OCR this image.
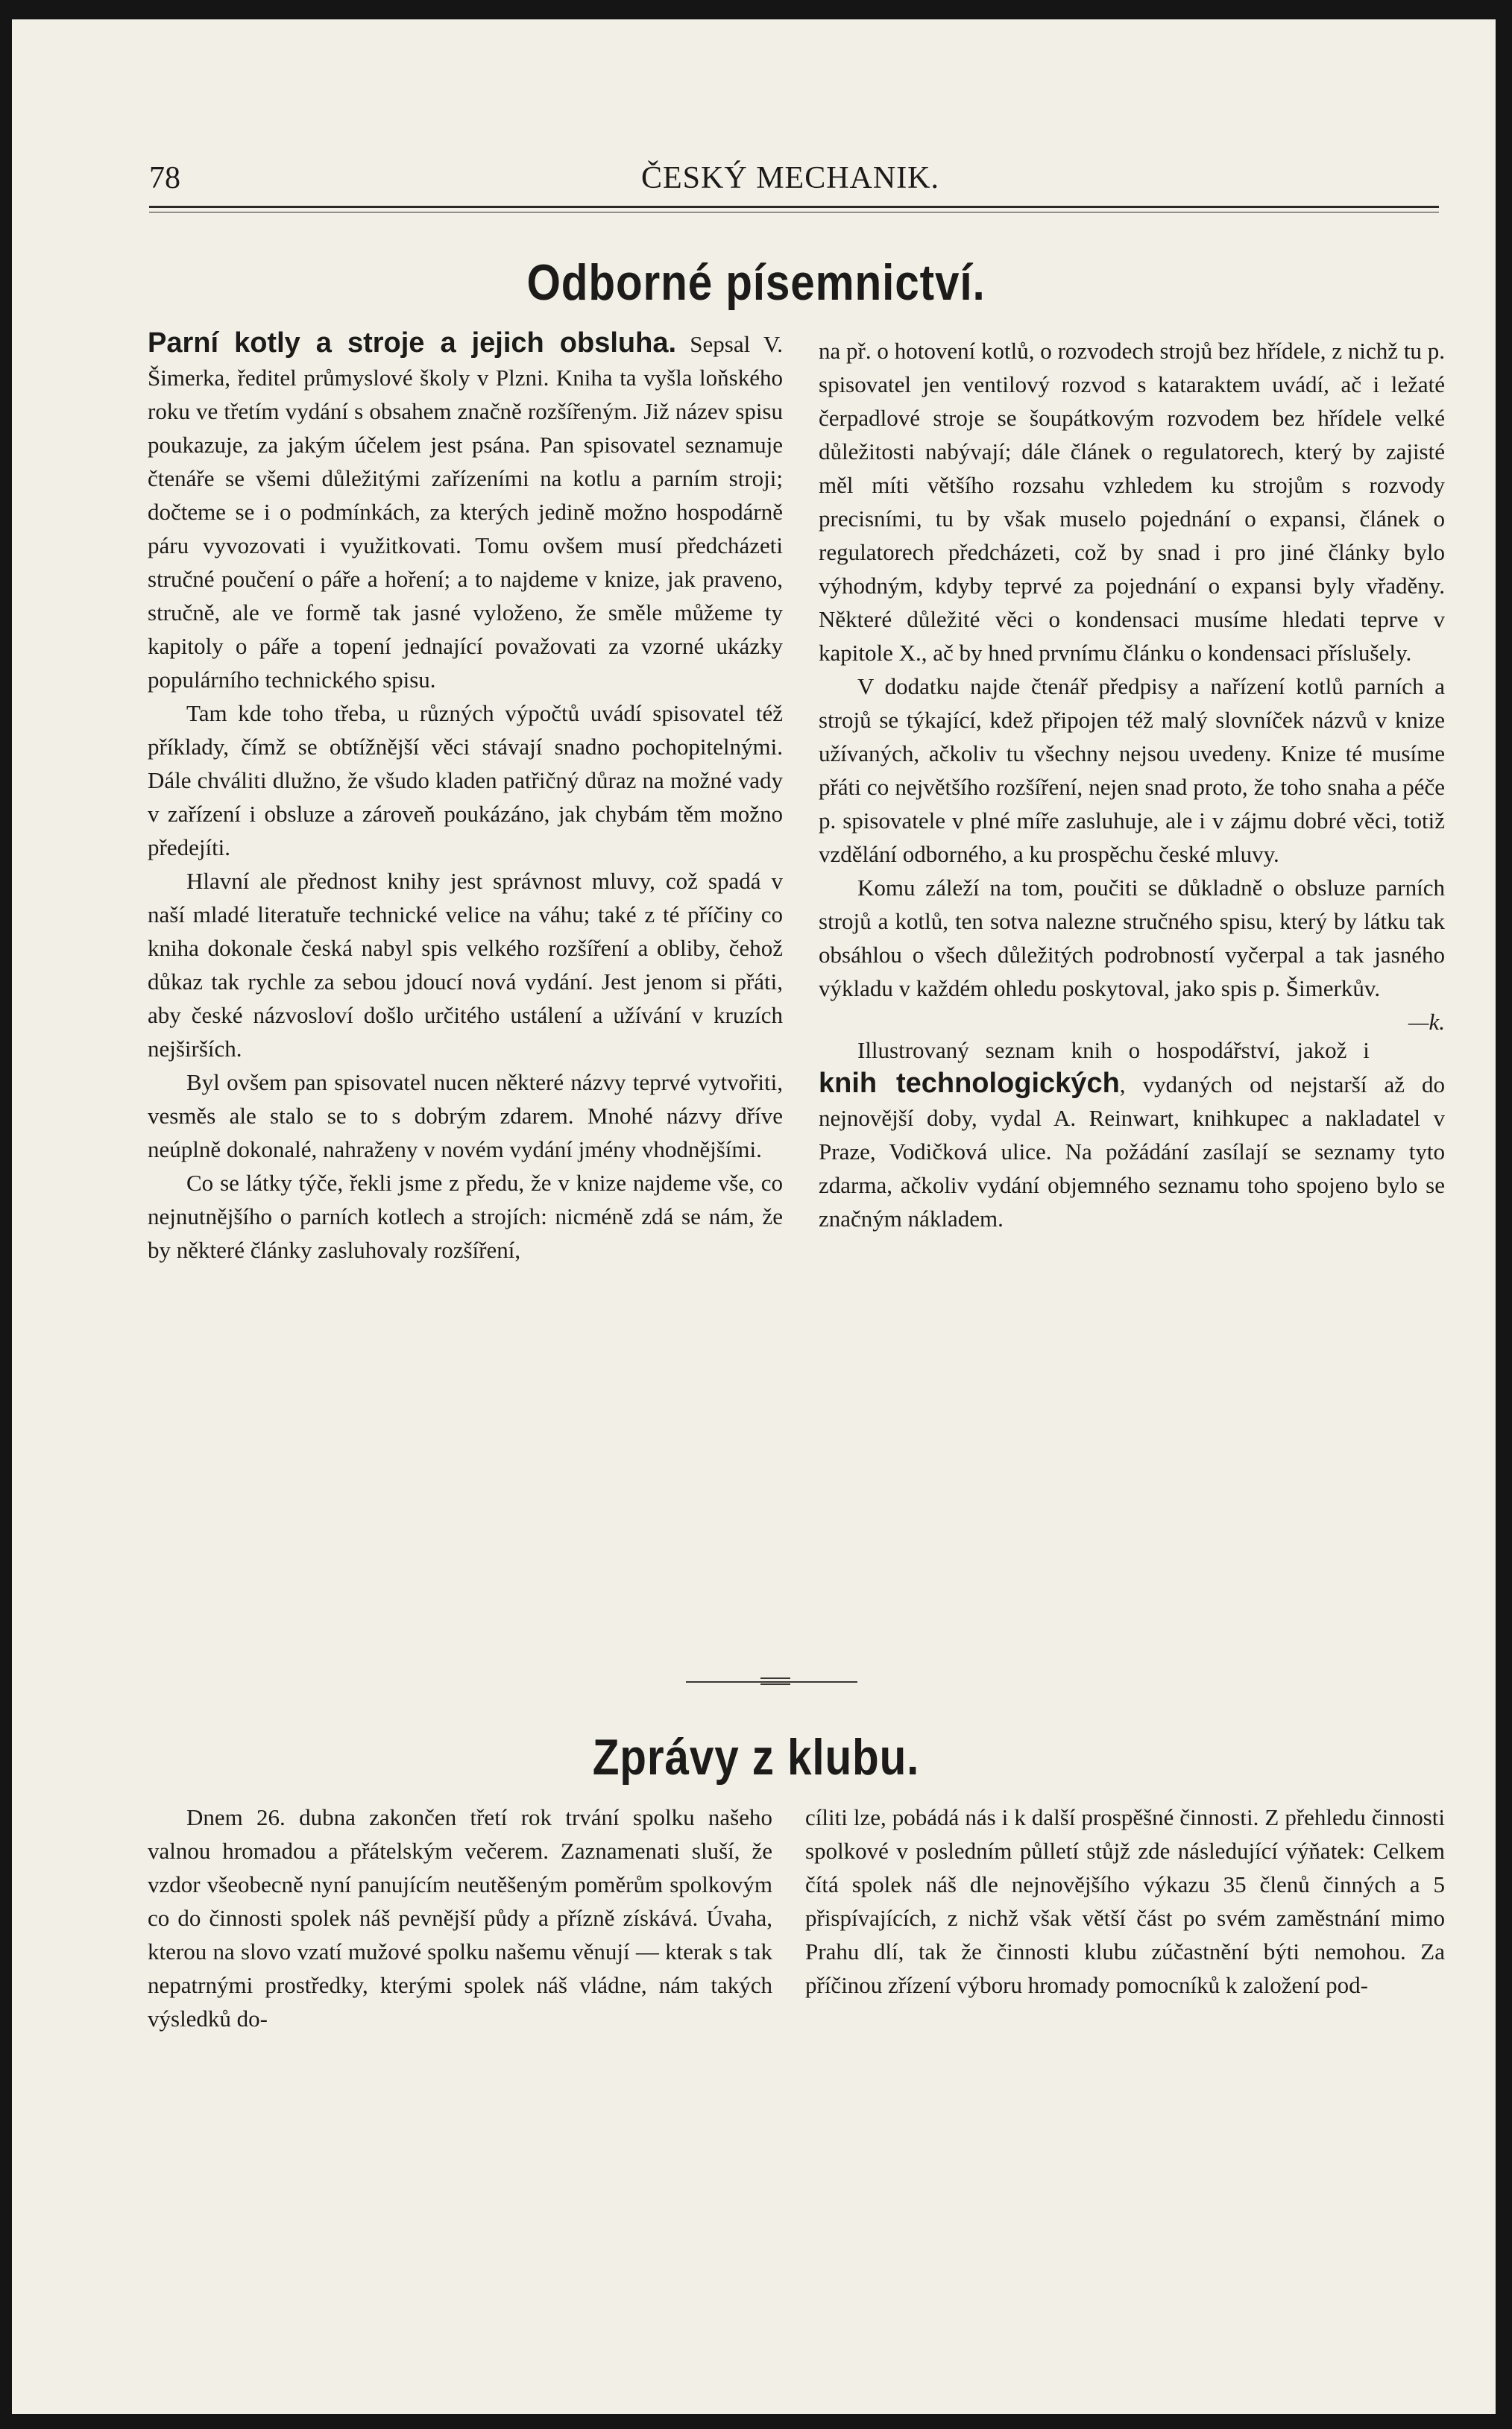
78	ČESKÝ MECHANIK.
Odborné písemnictví.

Parní kotly a stroje a jejich obsluha. Sepsal V. Šimerka, ředitel průmyslové školy v Plzni. Kniha ta vyšla loňského roku ve třetím vydání s obsahem značně rozšířeným. Již název spisu poukazuje, za jakým účelem jest psána. Pan spisovatel seznamuje čtenáře se všemi důležitými zařízeními na kotlu a parním stroji; dočteme se i o podmínkách, za kterých jedině možno hospodárně páru vyvozovati i využitkovati. Tomu ovšem musí předcházeti stručné poučení o páře a hoření; a to najdeme v knize, jak praveno, stručně, ale ve formě tak jasné vyloženo, že směle můžeme ty kapitoly o páře a topení jednající považovati za vzorné ukázky populárního technického spisu.

Tam kde toho třeba, u různých výpočtů uvádí spisovatel též příklady, čímž se obtížnější věci stávají snadno pochopitelnými. Dále chváliti dlužno, že všudo kladen patřičný důraz na možné vady v zařízení i obsluze a zároveň poukázáno, jak chybám těm možno předejíti.

Hlavní ale přednost knihy jest správnost mluvy, což spadá v naší mladé literatuře technické velice na váhu; také z té příčiny co kniha dokonale česká nabyl spis velkého rozšíření a obliby, čehož důkaz tak rychle za sebou jdoucí nová vydání. Jest jenom si přáti, aby české názvosloví došlo určitého ustálení a užívání v kruzích nejširších.

Byl ovšem pan spisovatel nucen některé názvy teprvé vytvořiti, vesměs ale stalo se to s dobrým zdarem. Mnohé názvy dříve neúplně dokonalé, nahraženy v novém vydání jmény vhodnějšími.

Co se látky týče, řekli jsme z předu, že v knize najdeme vše, co nejnutnějšího o parních kotlech a strojích: nicméně zdá se nám, že by některé články zasluhovaly rozšíření,

na př. o hotovení kotlů, o rozvodech strojů bez hřídele, z nichž tu p. spisovatel jen ventilový rozvod s kataraktem uvádí, ač i ležaté čerpadlové stroje se šoupátkovým rozvodem bez hřídele velké důležitosti nabývají; dále článek o regulatorech, který by zajisté měl míti většího rozsahu vzhledem ku strojům s rozvody precisními, tu by však muselo pojednání o expansi, článek o regulatorech předcházeti, což by snad i pro jiné články bylo výhodným, kdyby teprvé za pojednání o expansi byly vřaděny. Některé důležité věci o kondensaci musíme hledati teprve v kapitole X., ač by hned prvnímu článku o kondensaci příslušely.

V dodatku najde čtenář předpisy a nařízení kotlů parních a strojů se týkající, kdež připojen též malý slovníček názvů v knize užívaných, ačkoliv tu všechny nejsou uvedeny. Knize té musíme přáti co největšího rozšíření, nejen snad proto, že toho snaha a péče p. spisovatele v plné míře zasluhuje, ale i v zájmu dobré věci, totiž vzdělání odborného, a ku prospěchu české mluvy.

Komu záleží na tom, poučiti se důkladně o obsluze parních strojů a kotlů, ten sotva nalezne stručného spisu, který by látku tak obsáhlou o všech důležitých podrobností vyčerpal a tak jasného výkladu v každém ohledu poskytoval, jako spis p. Šimerkův.
—k.

Illustrovaný seznam knih o hospodářství, jakož i knih technologických, vydaných od nejstarší až do nejnovější doby, vydal A. Reinwart, knihkupec a nakladatel v Praze, Vodičková ulice. Na požádání zasílají se seznamy tyto zdarma, ačkoliv vydání objemného seznamu toho spojeno bylo se značným nákladem.

Zprávy z klubu.

Dnem 26. dubna zakončen třetí rok trvání spolku našeho valnou hromadou a přátelským večerem. Zaznamenati sluší, že vzdor všeobecně nyní panujícím neutěšeným poměrům spolkovým co do činnosti spolek náš pevnější půdy a přízně získává. Úvaha, kterou na slovo vzatí mužové spolku našemu věnují — kterak s tak nepatrnými prostředky, kterými spolek náš vládne, nám takých výsledků do-

cíliti lze, pobádá nás i k další prospěšné činnosti. Z přehledu činnosti spolkové v posledním půlletí stůjž zde následující výňatek: Celkem čítá spolek náš dle nejnovějšího výkazu 35 členů činných a 5 přispívajících, z nichž však větší část po svém zaměstnání mimo Prahu dlí, tak že činnosti klubu zúčastnění býti nemohou. Za příčinou zřízení výboru hromady pomocníků k založení pod-
